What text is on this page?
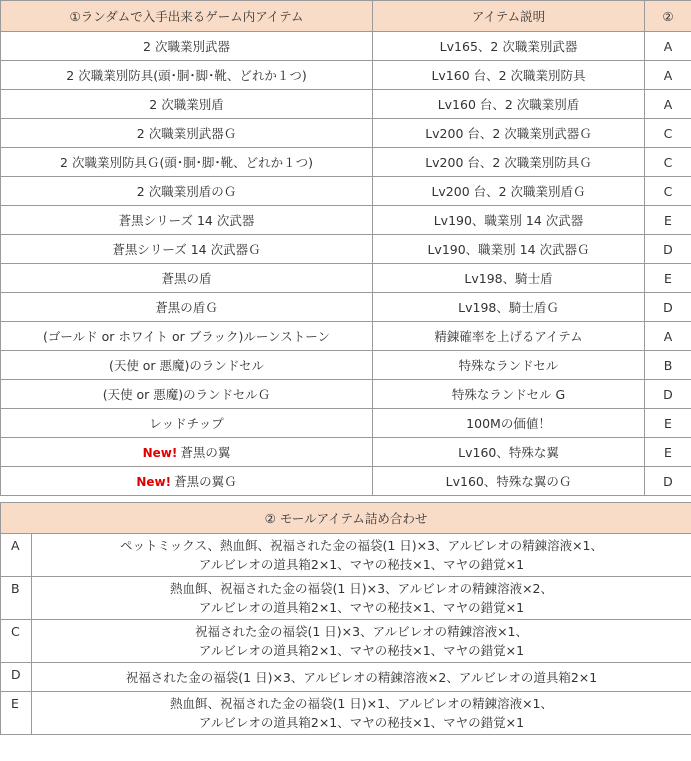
①ランダムで入手出来るゲーム内アイテム	アイテム説明	②
2 次職業別武器	Lv165、2 次職業別武器	A
2 次職業別防具(頭･胴･脚･靴、どれか１つ)	Lv160 台、2 次職業別防具	A
2 次職業別盾	Lv160 台、2 次職業別盾	A
2 次職業別武器Ｇ	Lv200 台、2 次職業別武器Ｇ	C
2 次職業別防具Ｇ(頭･胴･脚･靴、どれか１つ)	Lv200 台、2 次職業別防具Ｇ	C
2 次職業別盾のＧ	Lv200 台、2 次職業別盾Ｇ	C
蒼黒シリーズ 14 次武器	Lv190、職業別 14 次武器	E
蒼黒シリーズ 14 次武器Ｇ	Lv190、職業別 14 次武器Ｇ	D
蒼黒の盾	Lv198、騎士盾	E
蒼黒の盾Ｇ	Lv198、騎士盾Ｇ	D
(ゴールド or ホワイト or ブラック)ルーンストーン	精錬確率を上げるアイテム	A
(天使 or 悪魔)のランドセル	特殊なランドセル	B
(天使 or 悪魔)のランドセルＧ	特殊なランドセル G	D
レッドチップ	100Mの価値！	E
New! 蒼黒の翼	Lv160、特殊な翼	E
New! 蒼黒の翼Ｇ	Lv160、特殊な翼のＧ	D
② モールアイテム詰め合わせ	
A	ペットミックス、熱血餌、祝福された金の福袋(1 日)×3、アルビレオの精錬溶液×1、
アルビレオの道具箱2×1、マヤの秘技×1、マヤの錯覚×1

B	熱血餌、祝福された金の福袋(1 日)×3、アルビレオの精錬溶液×2、
アルビレオの道具箱2×1、マヤの秘技×1、マヤの錯覚×1

C	祝福された金の福袋(1 日)×3、アルビレオの精錬溶液×1、
アルビレオの道具箱2×1、マヤの秘技×1、マヤの錯覚×1

D	祝福された金の福袋(1 日)×3、アルビレオの精錬溶液×2、アルビレオの道具箱2×1

E	熱血餌、祝福された金の福袋(1 日)×1、アルビレオの精錬溶液×1、
アルビレオの道具箱2×1、マヤの秘技×1、マヤの錯覚×1
